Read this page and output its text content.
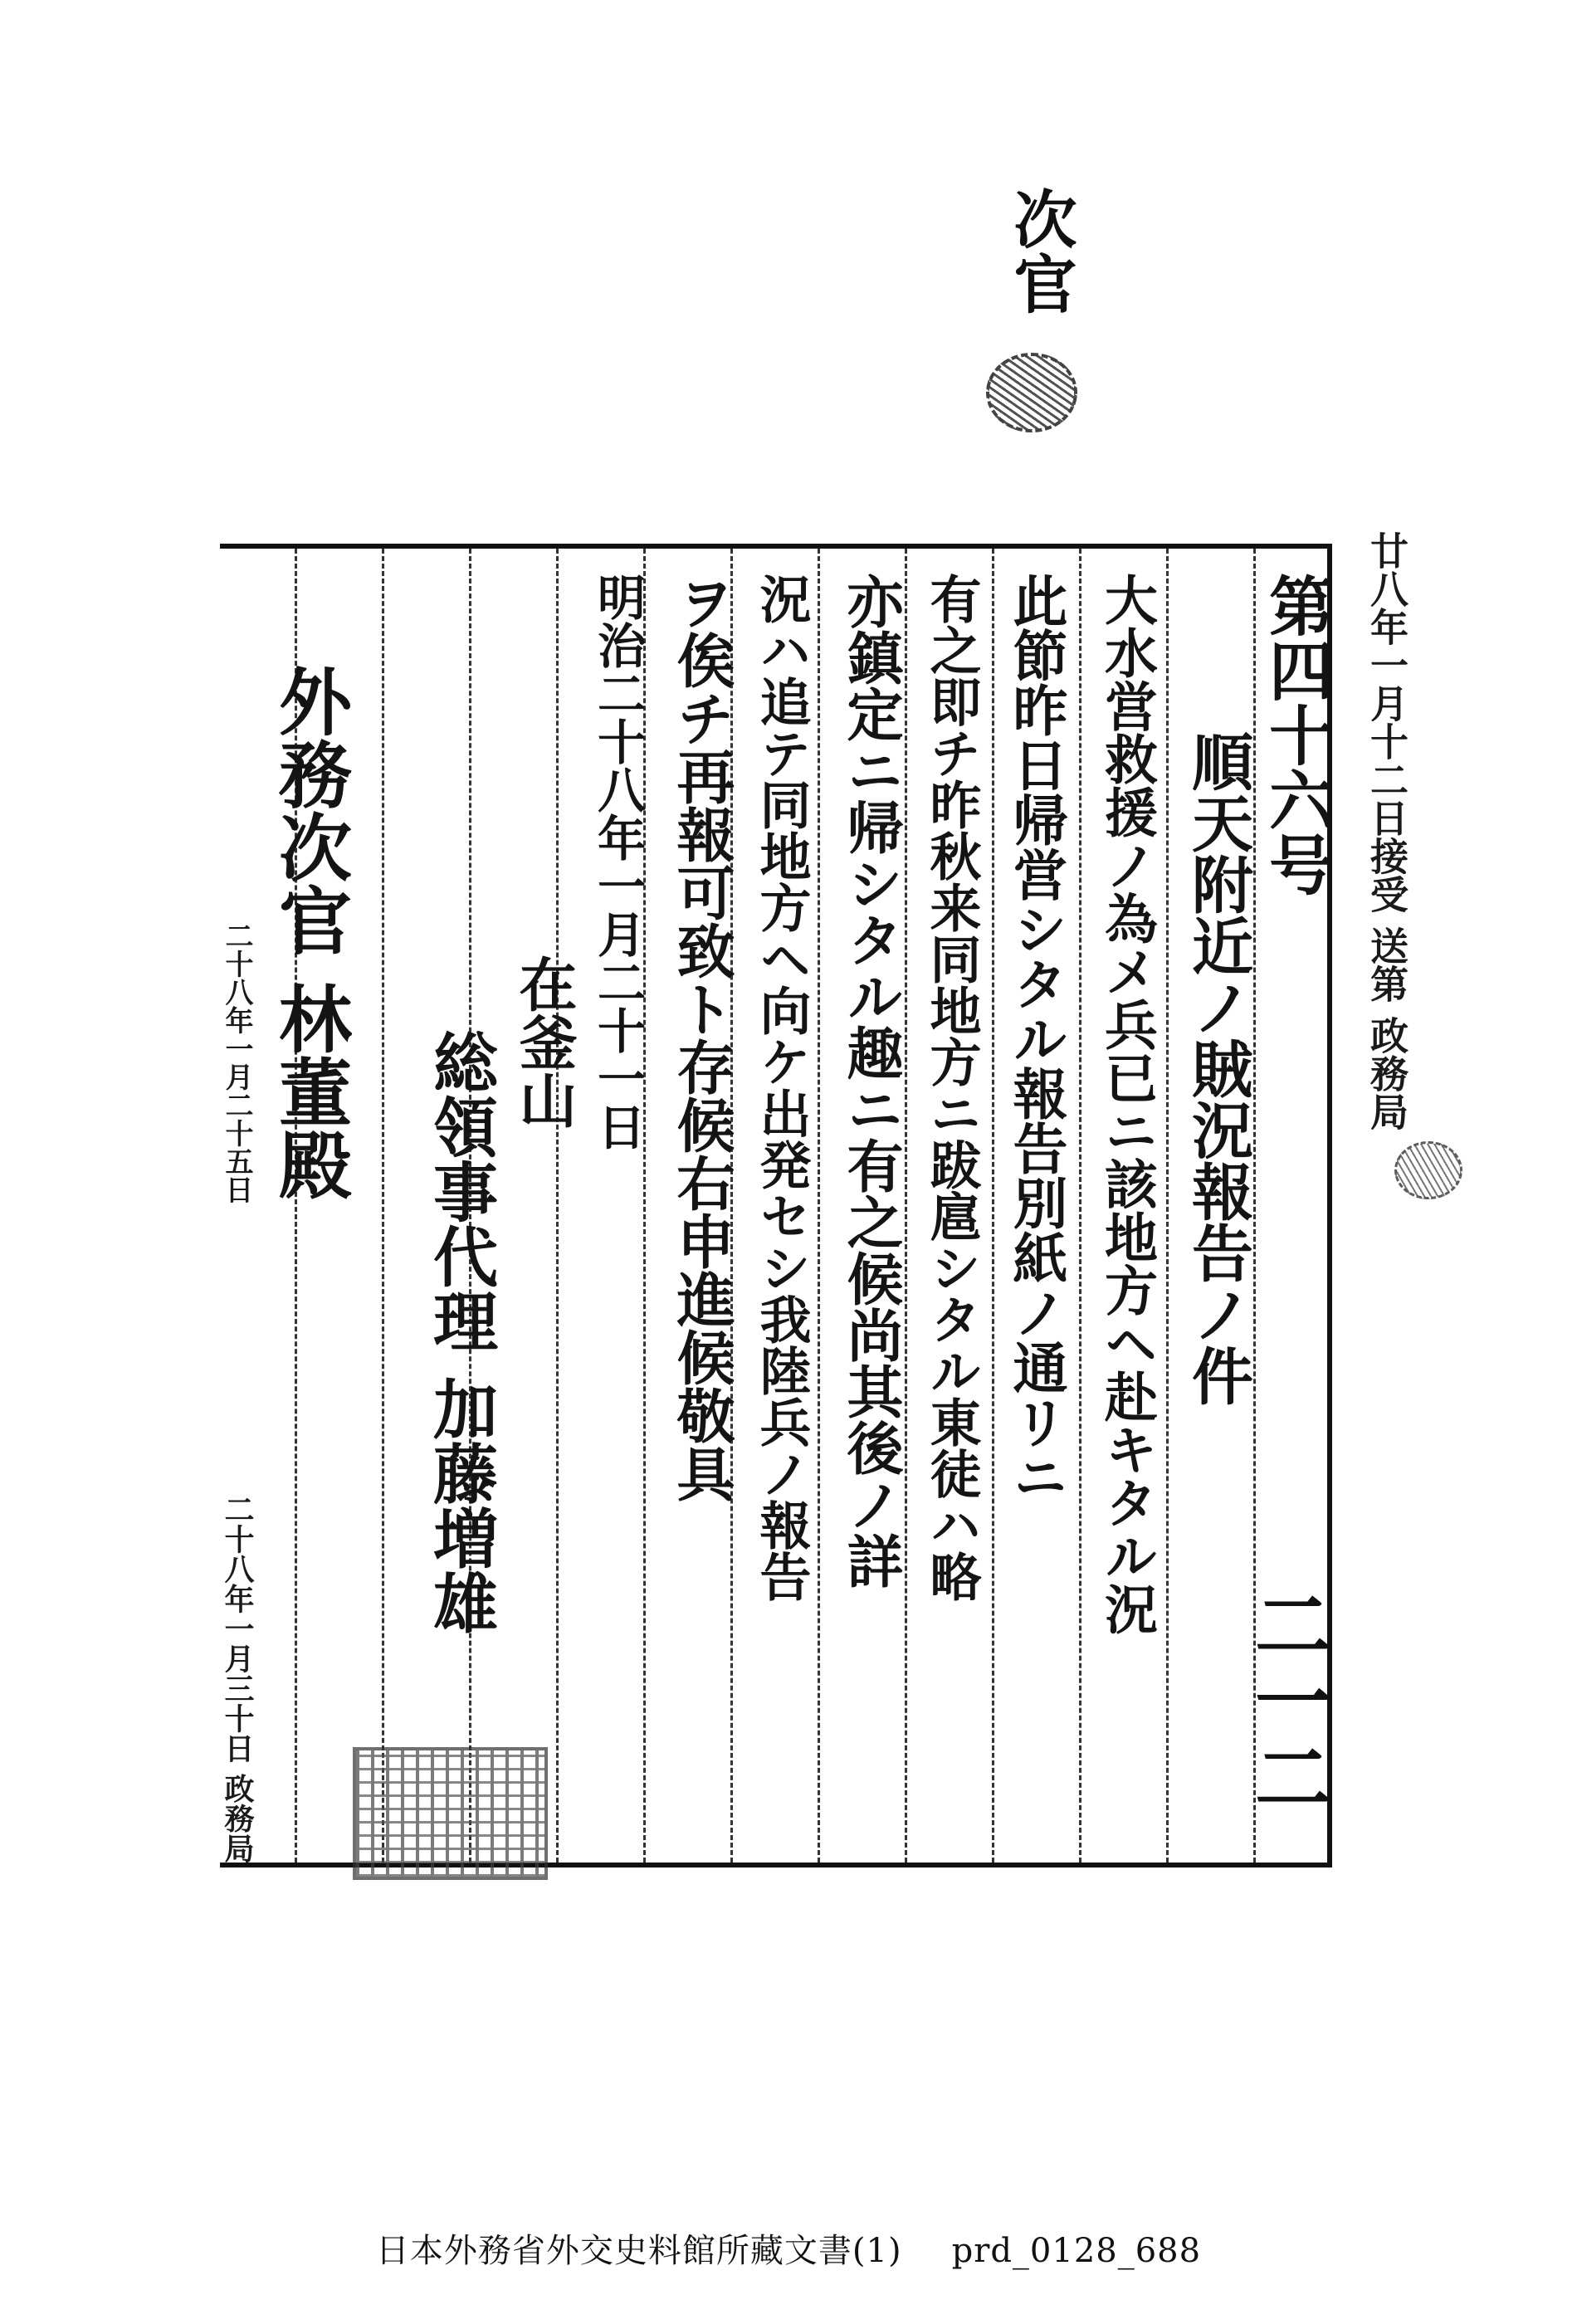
次官
第四十六号
順天附近ノ賊況報告ノ件
大水営救援ノ為メ兵已ニ該地方ヘ赴キタル況
此節昨日帰営シタル報告別紙ノ通リニ
有之即チ昨秋来同地方ニ跋扈シタル東徒ハ略
亦鎮定ニ帰シタル趣ニ有之候尚其後ノ詳
況ハ追テ同地方ヘ向ケ出発セシ我陸兵ノ報告
ヲ俟チ再報可致ト存候右申進候敬具
明治二十八年一月二十一日
在釜山
総領事代理 加藤増雄
外務次官 林董殿	廿八年一月十二日接受 送第 政務局
二十八年一月二十五日
二十八年一月三十日 政務局	二一二
日本外務省外交史料館所藏文書(1) prd_0128_688
